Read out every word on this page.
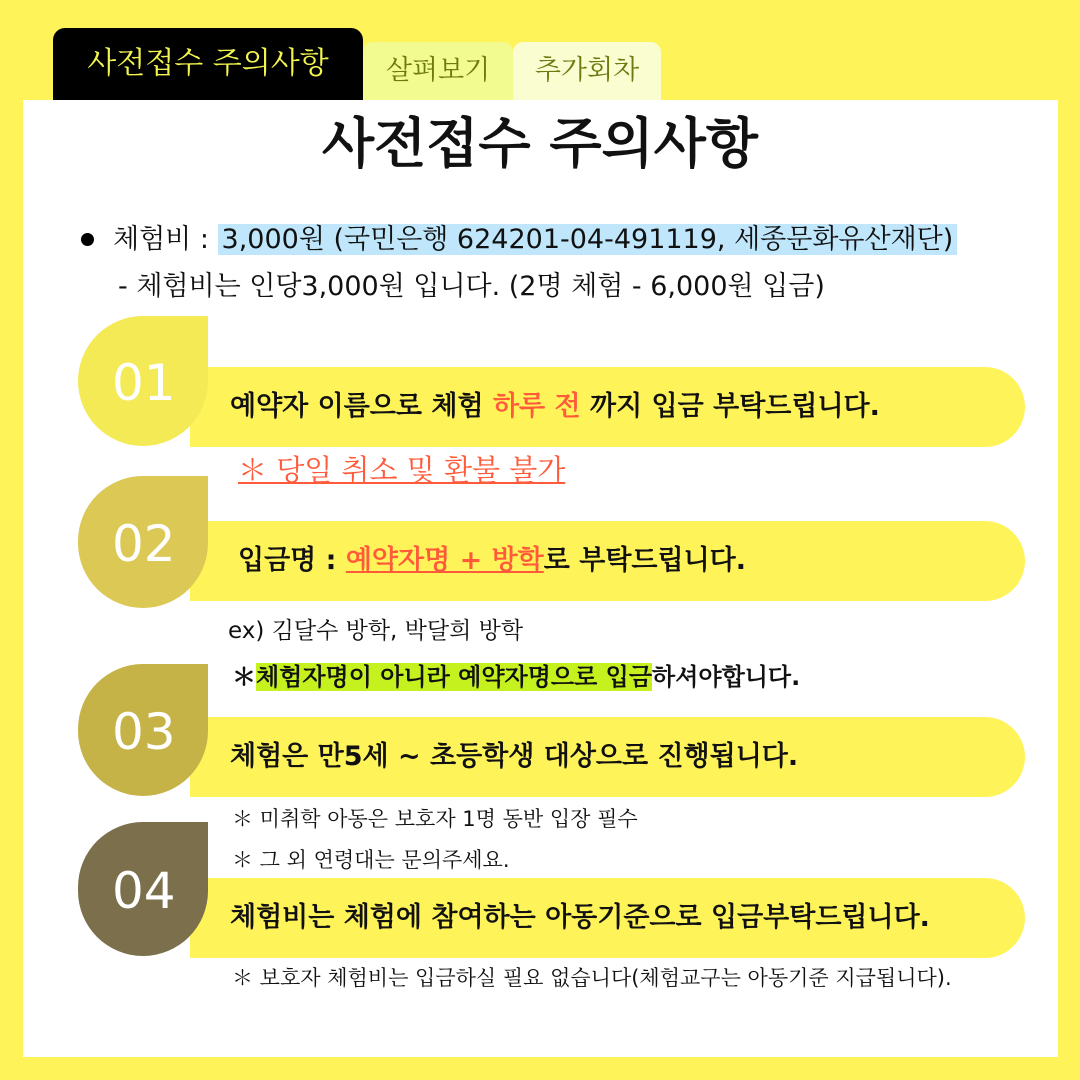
사전접수 주의사항	살펴보기	추가회차
사전접수 주의사항
체험비 : 3,000원 (국민은행 624201-04-491119, 세종문화유산재단)
- 체험비는 인당3,000원 입니다. (2명 체험 - 6,000원 입금)
01	예약자 이름으로 체험 하루 전 까지 입금 부탁드립니다.
＊ 당일 취소 및 환불 불가
02	입금명 : 예약자명 + 방학로 부탁드립니다.
ex) 김달수 방학, 박달희 방학
＊체험자명이 아니라 예약자명으로 입금하셔야합니다.
03	체험은 만5세 ~ 초등학생 대상으로 진행됩니다.
＊ 미취학 아동은 보호자 1명 동반 입장 필수
＊ 그 외 연령대는 문의주세요.
04	체험비는 체험에 참여하는 아동기준으로 입금부탁드립니다.
＊ 보호자 체험비는 입금하실 필요 없습니다(체험교구는 아동기준 지급됩니다).
